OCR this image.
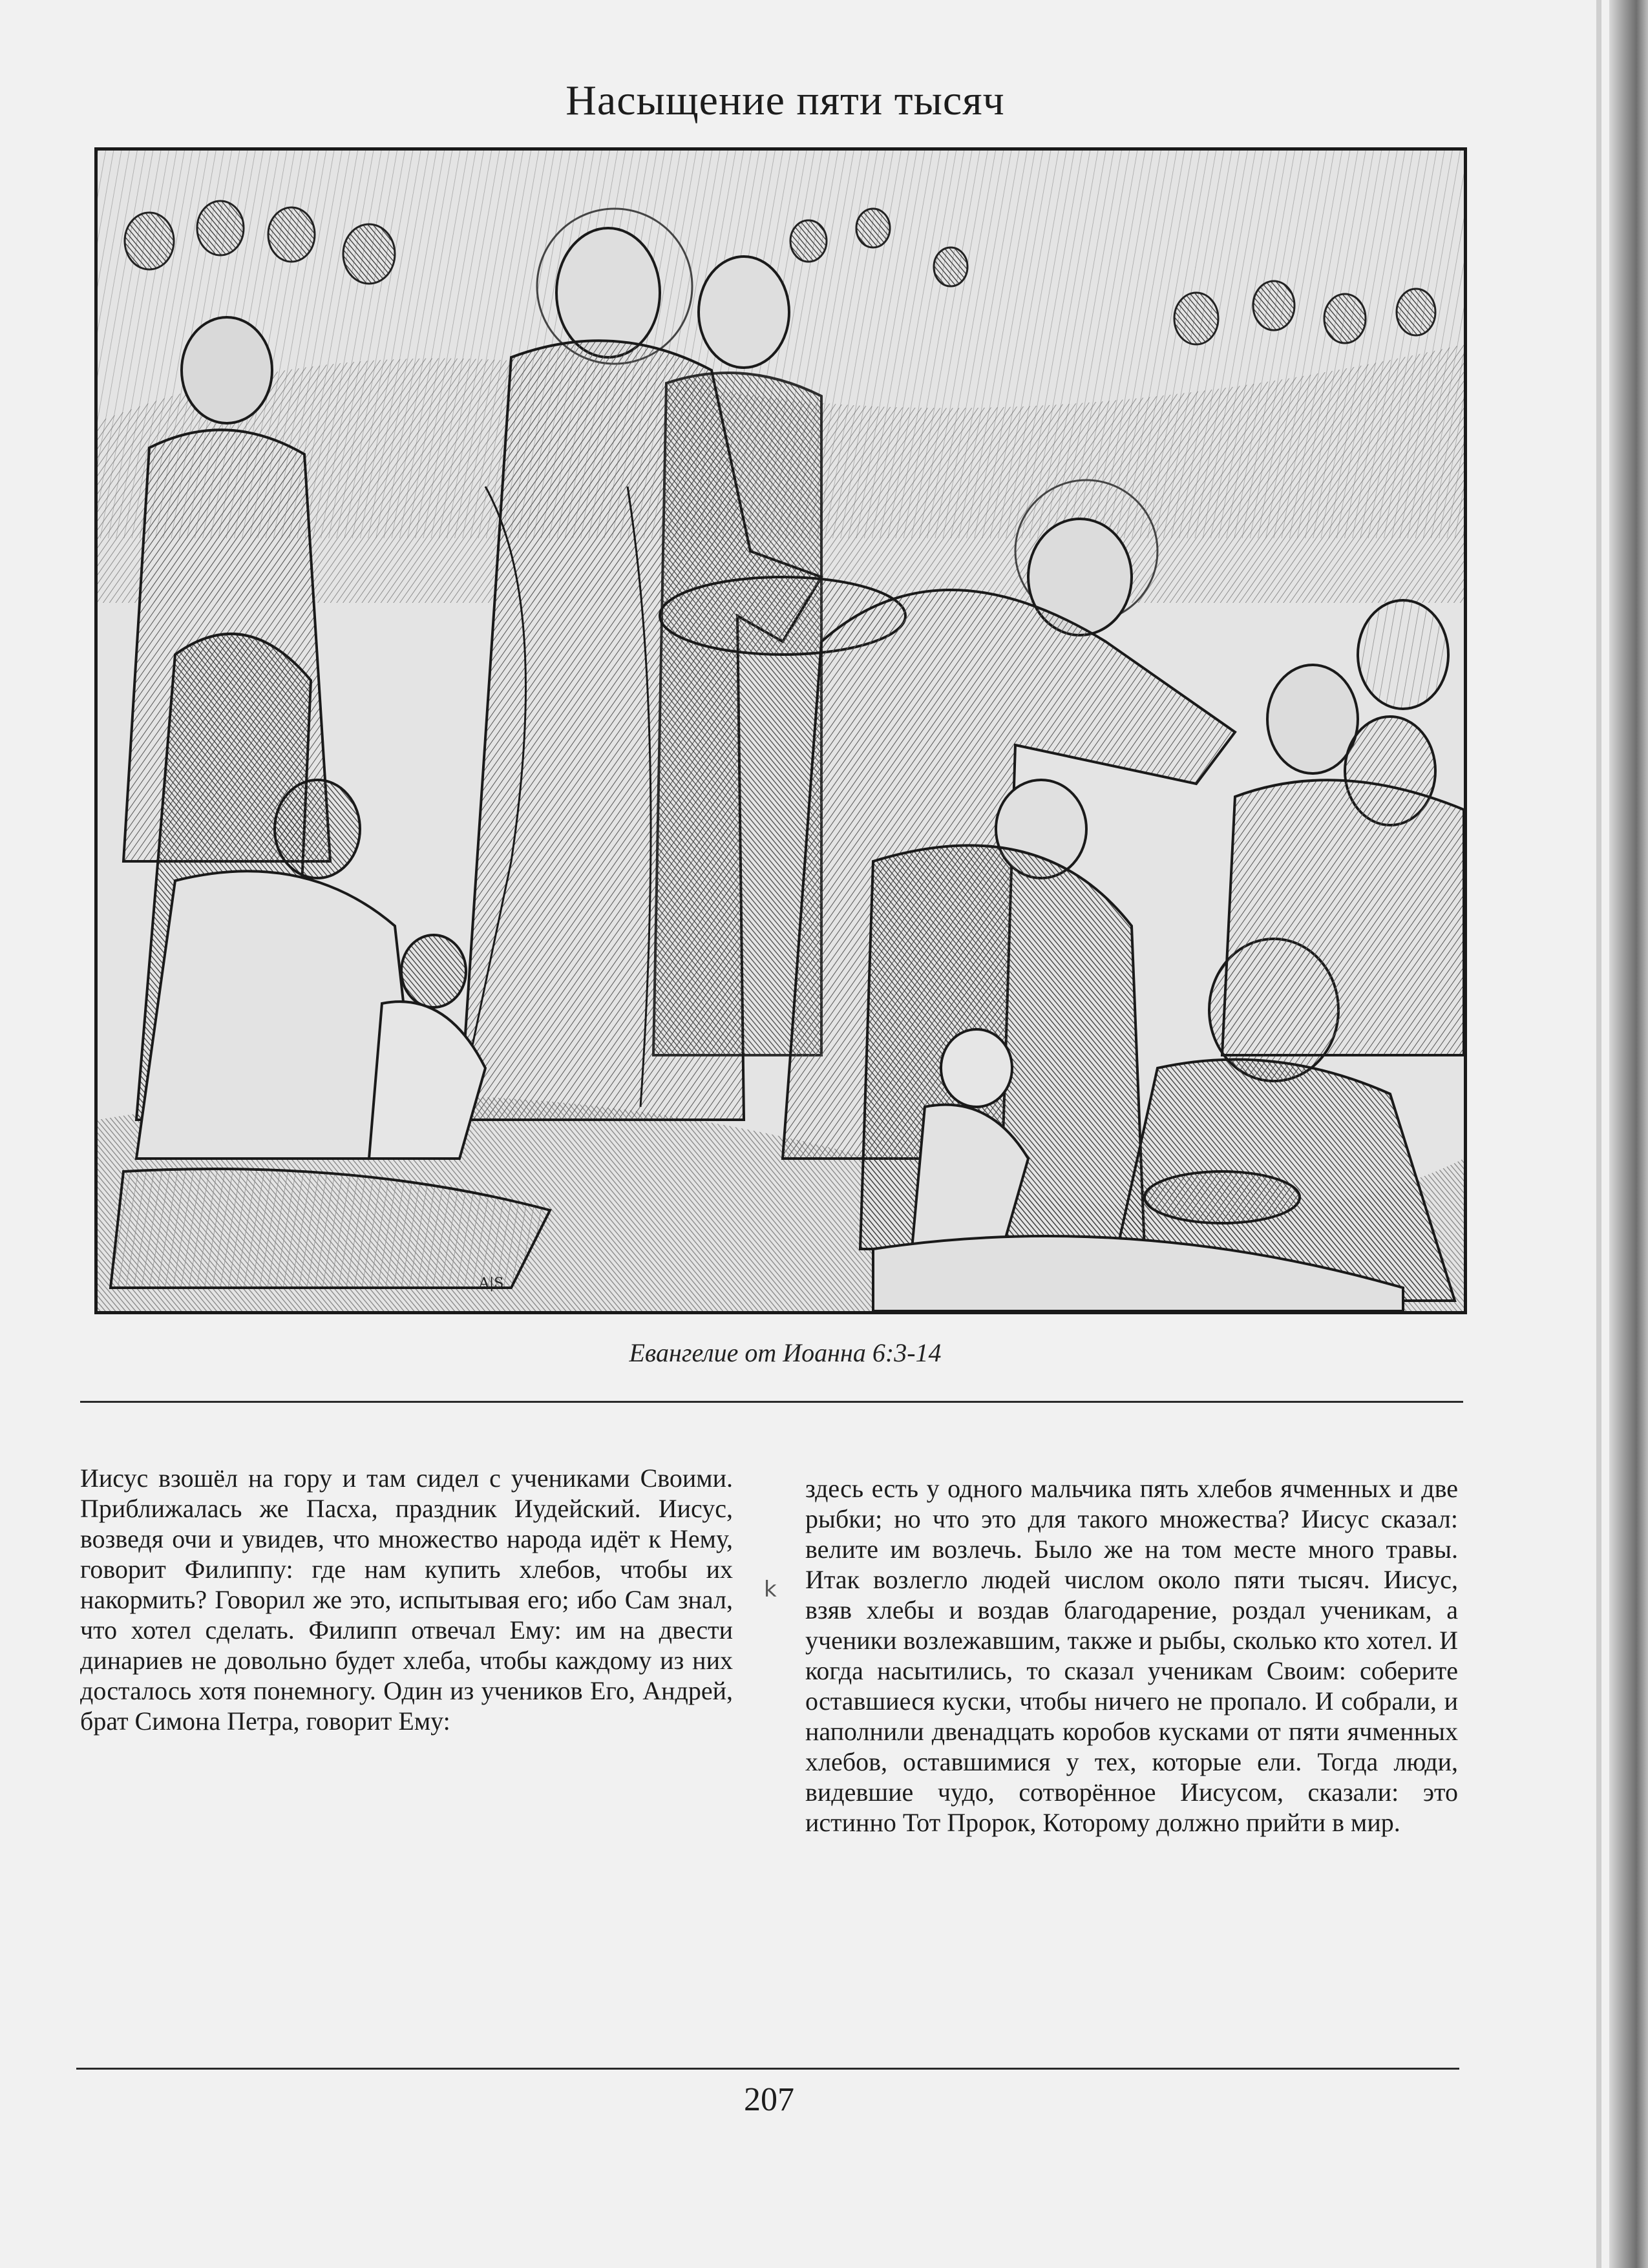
Насыщение пяти тысяч
A|S
Евангелие от Иоанна 6:3-14
Иисус взошёл на гору и там сидел с учениками Своими. Приближалась же Пасха, праздник Иудейский. Иисус, возведя очи и увидев, что множество народа идёт к Нему, говорит Филиппу: где нам купить хлебов, чтобы их накормить? Говорил же это, испытывая его; ибо Сам знал, что хотел сделать. Филипп отвечал Ему: им на двести динариев не довольно будет хлеба, чтобы каждому из них досталось хотя понемногу. Один из учеников Его, Андрей, брат Симона Петра, говорит Ему:
k
здесь есть у одного мальчика пять хлебов ячменных и две рыбки; но что это для такого множества? Иисус сказал: велите им возлечь. Было же на том месте много травы. Итак возлегло людей числом около пяти тысяч. Иисус, взяв хлебы и воздав благодарение, роздал ученикам, а ученики возлежавшим, также и рыбы, сколько кто хотел. И когда насытились, то сказал ученикам Своим: соберите оставшиеся куски, чтобы ничего не пропало. И собрали, и наполнили двенадцать коробов кусками от пяти ячменных хлебов, оставшимися у тех, которые ели. Тогда люди, видевшие чудо, сотворённое Иисусом, сказали: это истинно Тот Пророк, Которому должно прийти в мир.
207
